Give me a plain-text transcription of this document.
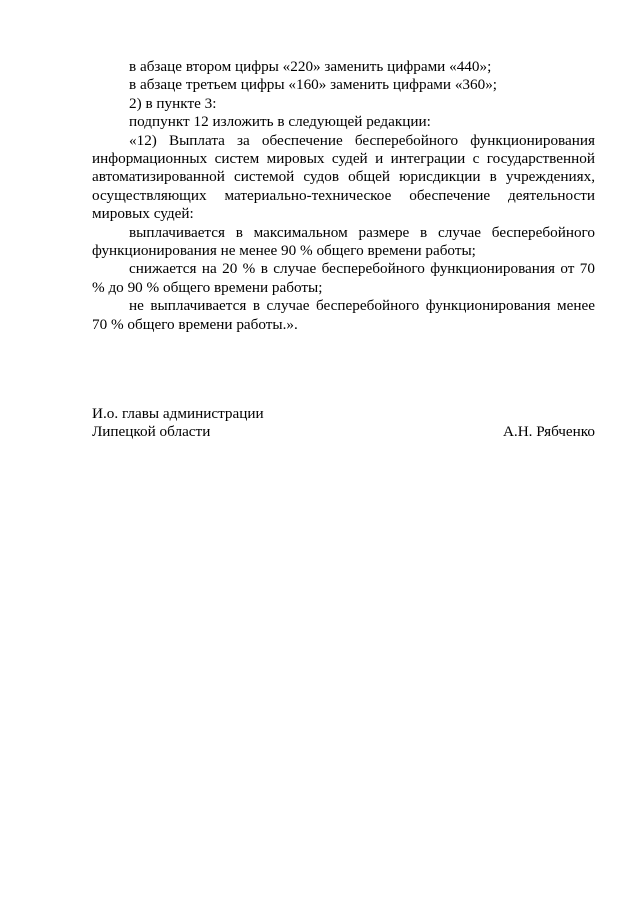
в абзаце втором цифры «220» заменить цифрами «440»;

в абзаце третьем цифры «160» заменить цифрами «360»;

2) в пункте 3:

подпункт 12 изложить в следующей редакции:

«12) Выплата за обеспечение бесперебойного функционирования информационных систем мировых судей и интеграции с государственной автоматизированной системой судов общей юрисдикции в учреждениях, осуществляющих материально-техническое обеспечение деятельности мировых судей:

выплачивается в максимальном размере в случае бесперебойного функционирования не менее 90 % общего времени работы;

снижается на 20 % в случае бесперебойного функционирования от 70 % до 90 % общего времени работы;

не выплачивается в случае бесперебойного функционирования менее 70 % общего времени работы.».

И.о. главы администрации
Липецкой области	А.Н. Рябченко
